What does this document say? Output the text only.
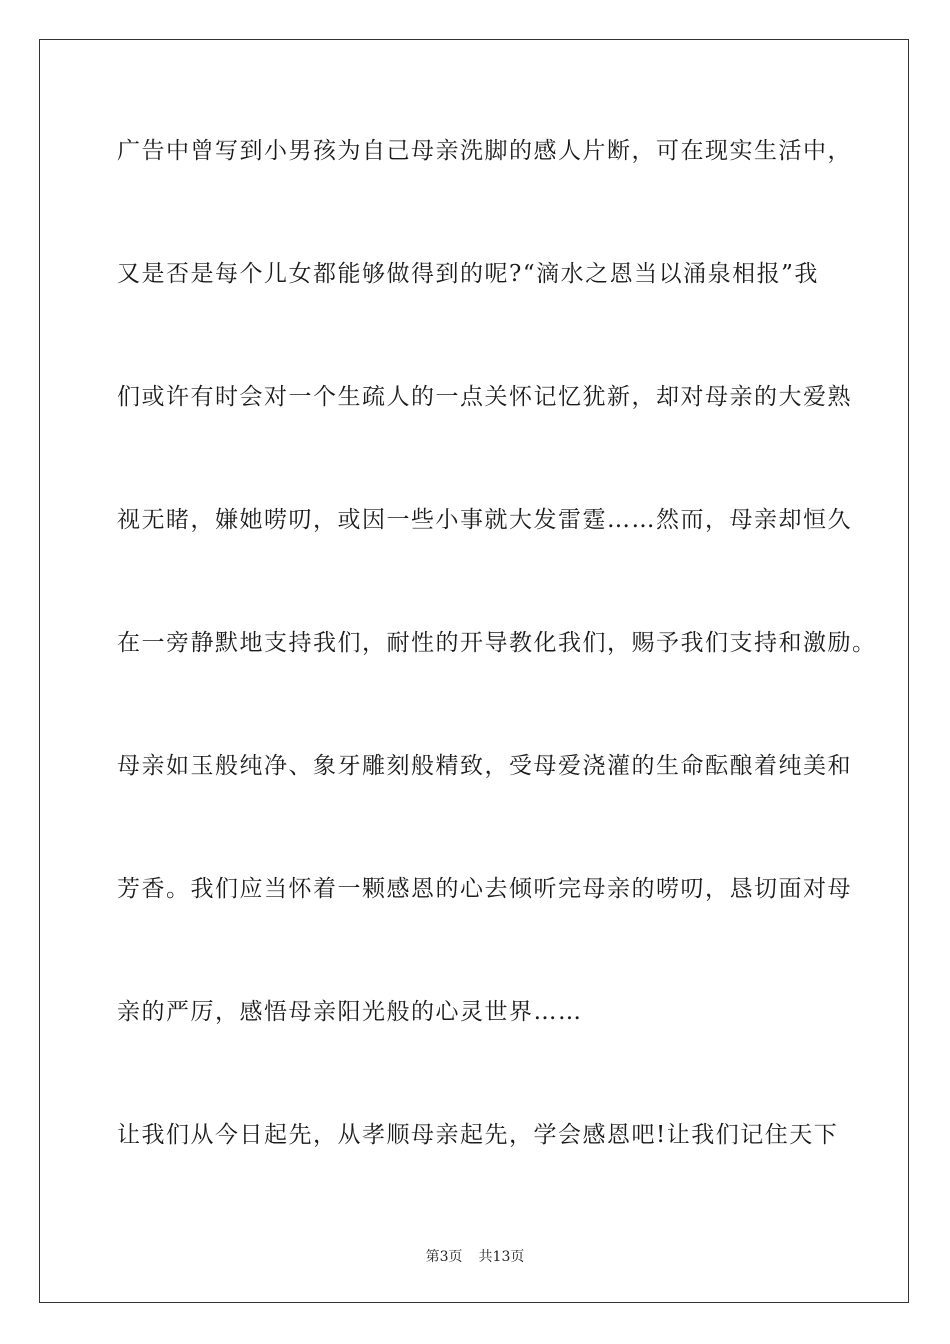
广告中曾写到小男孩为自己母亲洗脚的感人片断，可在现实生活中，
又是否是每个儿女都能够做得到的呢?“滴水之恩当以涌泉相报”我
们或许有时会对一个生疏人的一点关怀记忆犹新，却对母亲的大爱熟
视无睹，嫌她唠叨，或因一些小事就大发雷霆……然而，母亲却恒久
在一旁静默地支持我们，耐性的开导教化我们，赐予我们支持和激励。
母亲如玉般纯净、象牙雕刻般精致，受母爱浇灌的生命酝酿着纯美和
芳香。我们应当怀着一颗感恩的心去倾听完母亲的唠叨，恳切面对母
亲的严厉，感悟母亲阳光般的心灵世界……
让我们从今日起先，从孝顺母亲起先，学会感恩吧!让我们记住天下
第3页 共13页
